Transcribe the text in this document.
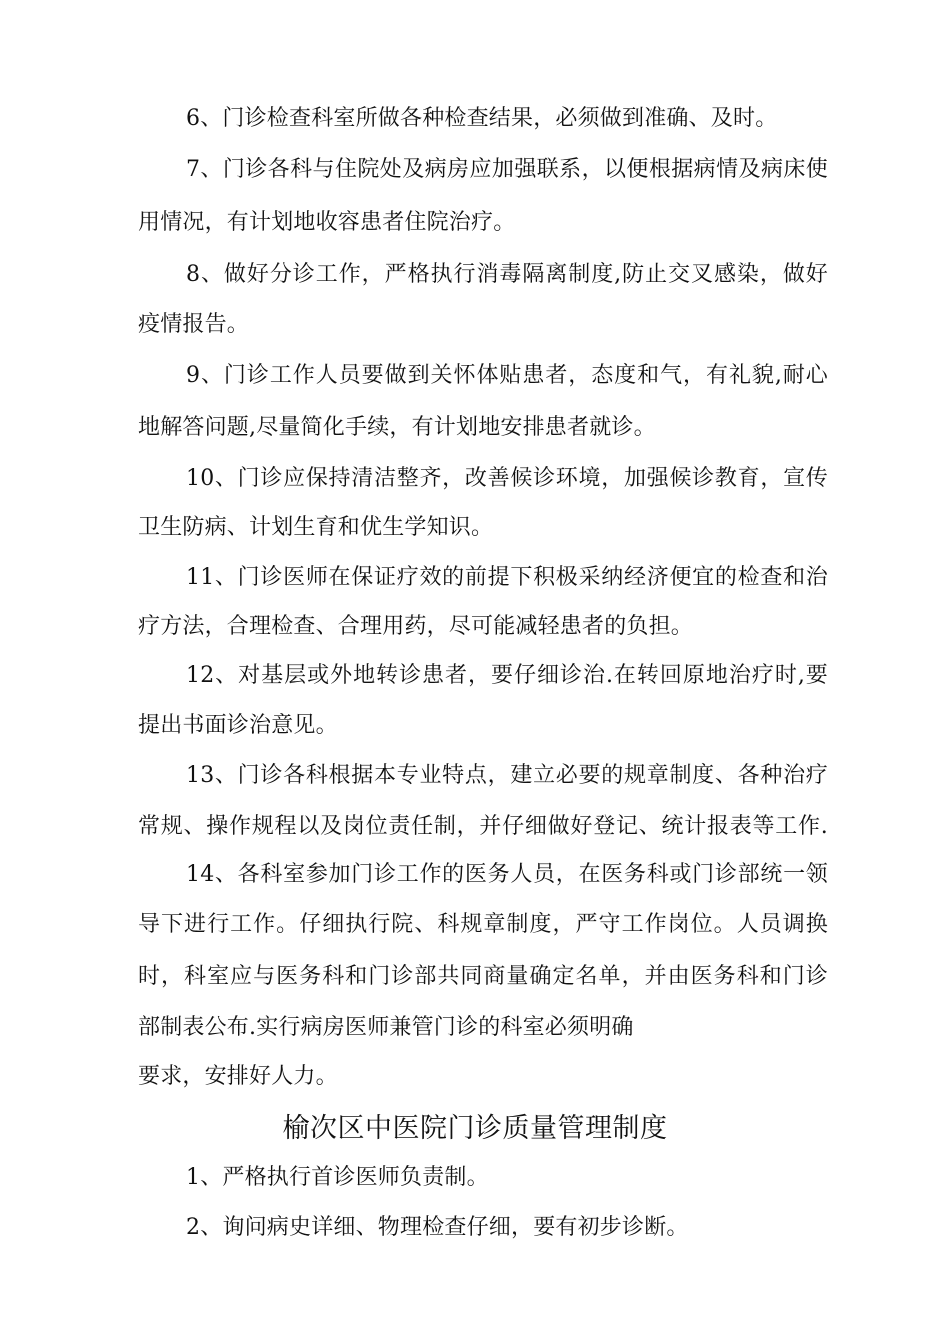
6、门诊检查科室所做各种检查结果，必须做到准确、及时。
7、门诊各科与住院处及病房应加强联系，以便根据病情及病床使
用情况，有计划地收容患者住院治疗。
8、做好分诊工作，严格执行消毒隔离制度,防止交叉感染，做好
疫情报告。
9、门诊工作人员要做到关怀体贴患者，态度和气，有礼貌,耐心
地解答问题,尽量简化手续，有计划地安排患者就诊。
10、门诊应保持清洁整齐，改善候诊环境，加强候诊教育，宣传
卫生防病、计划生育和优生学知识。
11、门诊医师在保证疗效的前提下积极采纳经济便宜的检查和治
疗方法，合理检查、合理用药，尽可能减轻患者的负担。
12、对基层或外地转诊患者，要仔细诊治.在转回原地治疗时,要
提出书面诊治意见。
13、门诊各科根据本专业特点，建立必要的规章制度、各种治疗
常规、操作规程以及岗位责任制，并仔细做好登记、统计报表等工作.
14、各科室参加门诊工作的医务人员，在医务科或门诊部统一领
导下进行工作。仔细执行院、科规章制度，严守工作岗位。人员调换
时，科室应与医务科和门诊部共同商量确定名单，并由医务科和门诊
部制表公布.实行病房医师兼管门诊的科室必须明确
要求，安排好人力。
榆次区中医院门诊质量管理制度
1、严格执行首诊医师负责制。
2、询问病史详细、物理检查仔细，要有初步诊断。
